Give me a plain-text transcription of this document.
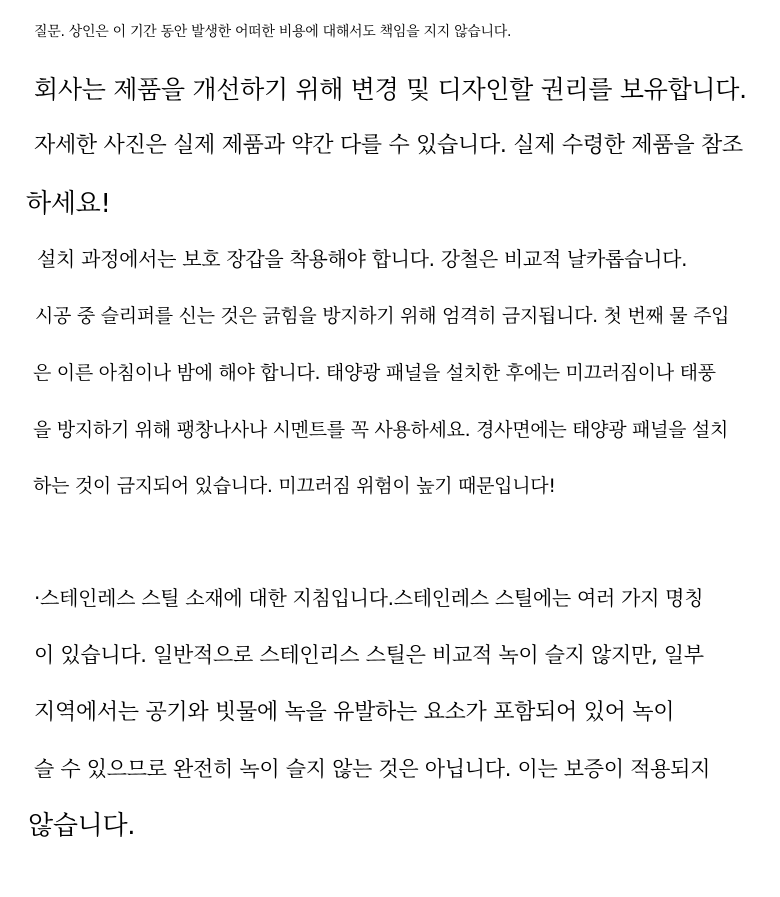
질문. 상인은 이 기간 동안 발생한 어떠한 비용에 대해서도 책임을 지지 않습니다.
회사는 제품을 개선하기 위해 변경 및 디자인할 권리를 보유합니다.
자세한 사진은 실제 제품과 약간 다를 수 있습니다. 실제 수령한 제품을 참조
하세요!
설치 과정에서는 보호 장갑을 착용해야 합니다. 강철은 비교적 날카롭습니다.
시공 중 슬리퍼를 신는 것은 긁힘을 방지하기 위해 엄격히 금지됩니다. 첫 번째 물 주입
은 이른 아침이나 밤에 해야 합니다. 태양광 패널을 설치한 후에는 미끄러짐이나 태풍
을 방지하기 위해 팽창나사나 시멘트를 꼭 사용하세요. 경사면에는 태양광 패널을 설치
하는 것이 금지되어 있습니다. 미끄러짐 위험이 높기 때문입니다!
·스테인레스 스틸 소재에 대한 지침입니다.스테인레스 스틸에는 여러 가지 명칭
이 있습니다. 일반적으로 스테인리스 스틸은 비교적 녹이 슬지 않지만, 일부
지역에서는 공기와 빗물에 녹을 유발하는 요소가 포함되어 있어 녹이
슬 수 있으므로 완전히 녹이 슬지 않는 것은 아닙니다. 이는 보증이 적용되지
않습니다.
